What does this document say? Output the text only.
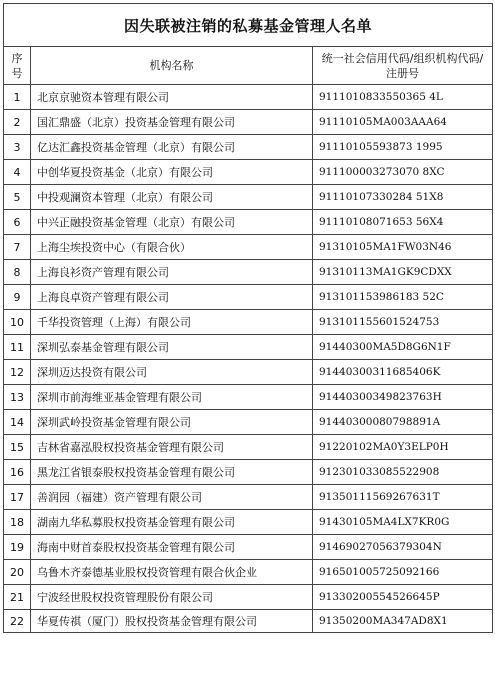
因失联被注销的私募基金管理人名单		
序号	机构名称	统一社会信用代码/组织机构代码/注册号
1	北京京驰资本管理有限公司	9111010833550365 4L
2	国汇鼎盛（北京）投资基金管理有限公司	91110105MA003AAA64
3	亿达汇鑫投资基金管理（北京）有限公司	91110105593873 1995
4	中创华夏投资基金（北京）有限公司	911100003273070 8XC
5	中投观澜资本管理（北京）有限公司	91110107330284 51X8
6	中兴正融投资基金管理（北京）有限公司	91110108071653 56X4
7	上海尘埃投资中心（有限合伙）	91310105MA1FW03N46
8	上海良衫资产管理有限公司	91310113MA1GK9CDXX
9	上海良卓资产管理有限公司	913101153986183 52C
10	千华投资管理（上海）有限公司	913101155601524753
11	深圳弘泰基金管理有限公司	91440300MA5D8G6N1F
12	深圳迈达投资有限公司	91440300311685406K
13	深圳市前海维亚基金管理有限公司	91440300349823763H
14	深圳武岭投资基金管理有限公司	91440300080798891A
15	吉林省嘉泓股权投资基金管理有限公司	91220102MA0Y3ELP0H
16	黑龙江省银泰股权投资基金管理有限公司	912301033085522908
17	善润园（福建）资产管理有限公司	91350111569267631T
18	湖南九华私募股权投资基金管理有限公司	91430105MA4LX7KR0G
19	海南中财首泰股权投资基金管理有限公司	91469027056379304N
20	乌鲁木齐泰德基业股权投资管理有限合伙企业	916501005725092166
21	宁波经世股权投资管理股份有限公司	91330200554526645P
22	华夏传祺（厦门）股权投资基金管理有限公司	91350200MA347AD8X1
